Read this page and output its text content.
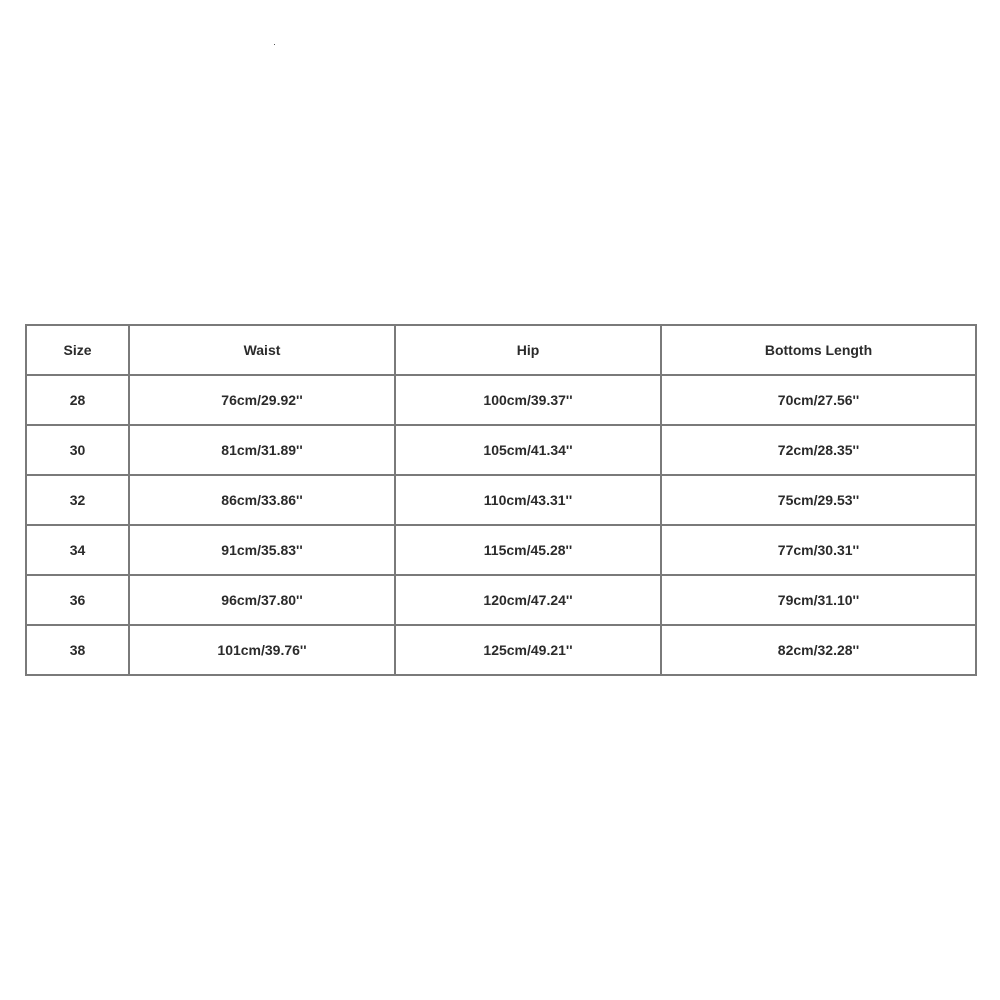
Size	Waist	Hip	Bottoms Length
28	76cm/29.92''	100cm/39.37''	70cm/27.56''
30	81cm/31.89''	105cm/41.34''	72cm/28.35''
32	86cm/33.86''	110cm/43.31''	75cm/29.53''
34	91cm/35.83''	115cm/45.28''	77cm/30.31''
36	96cm/37.80''	120cm/47.24''	79cm/31.10''
38	101cm/39.76''	125cm/49.21''	82cm/32.28''
